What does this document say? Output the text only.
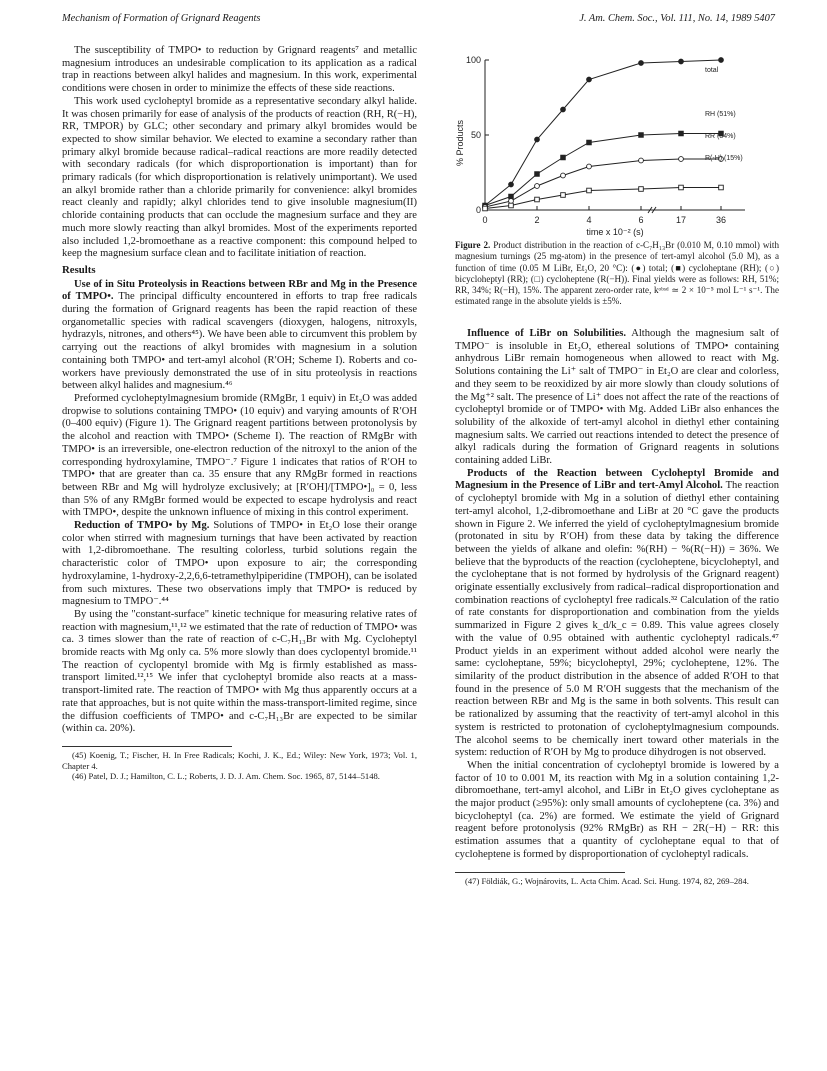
Mechanism of Formation of Grignard Reagents	J. Am. Chem. Soc., Vol. 111, No. 14, 1989 5407

The susceptibility of TMPO• to reduction by Grignard reagents⁷ and metallic magnesium introduces an undesirable complication to its application as a radical trap in reactions between alkyl halides and magnesium. In this work, experimental conditions were chosen in order to minimize the effects of these side reactions.

This work used cycloheptyl bromide as a representative secondary alkyl halide. It was chosen primarily for ease of analysis of the products of reaction (RH, R(−H), RR, TMPOR) by GLC; other secondary and primary alkyl bromides would be expected to show similar behavior. We elected to examine a secondary rather than primary alkyl bromide because radical–radical reactions are more readily detected with secondary radicals (for which disproportionation is important) than for primary radicals (for which disproportionation is relatively unimportant). We used an alkyl bromide rather than a chloride primarily for convenience: alkyl bromides react cleanly and rapidly; alkyl chlorides tend to give insoluble magnesium(II) chloride containing products that can occlude the magnesium surface and they are much more slowly reacting than alkyl bromides. Most of the experiments reported also included 1,2-bromoethane as a reactive component: this compound helped to keep the magnesium surface clean and to facilitate initiation of reaction.

Results

Use of in Situ Proteolysis in Reactions between RBr and Mg in the Presence of TMPO•. The principal difficulty encountered in efforts to trap free radicals during the formation of Grignard reagents has been the rapid reaction of these organometallic species with radical scavengers (dioxygen, halogens, nitroxyls, hydrazyls, nitrones, and others⁴⁵). We have been able to circumvent this problem by carrying out the reactions of alkyl bromides with magnesium in a solution containing both TMPO• and tert-amyl alcohol (R′OH; Scheme I). Roberts and co-workers have previously demonstrated the use of in situ proteolysis in reactions between alkyl halides and magnesium.⁴⁶

Preformed cycloheptylmagnesium bromide (RMgBr, 1 equiv) in Et₂O was added dropwise to solutions containing TMPO• (10 equiv) and varying amounts of R′OH (0–400 equiv) (Figure 1). The Grignard reagent partitions between protonolysis by the alcohol and reaction with TMPO• (Scheme I). The reaction of RMgBr with TMPO• is an irreversible, one-electron reduction of the nitroxyl to the anion of the corresponding hydroxylamine, TMPO⁻.⁷ Figure 1 indicates that ratios of R′OH to TMPO• that are greater than ca. 35 ensure that any RMgBr formed in reactions between RBr and Mg will hydrolyze exclusively; at [R′OH]/[TMPO•]₀ = 0, less than 5% of any RMgBr formed would be expected to escape hydrolysis and react with TMPO•, despite the unknown influence of mixing in this control experiment.

Reduction of TMPO• by Mg. Solutions of TMPO• in Et₂O lose their orange color when stirred with magnesium turnings that have been activated by reaction with 1,2-dibromoethane. The resulting colorless, turbid solutions regain the characteristic color of TMPO• upon exposure to air; the corresponding hydroxylamine, 1-hydroxy-2,2,6,6-tetramethylpiperidine (TMPOH), can be isolated from such mixtures. These two observations imply that TMPO• is reduced by magnesium to TMPO⁻.⁴⁴

By using the "constant-surface" kinetic technique for measuring relative rates of reaction with magnesium,¹¹,¹² we estimated that the rate of reduction of TMPO• was ca. 3 times slower than the rate of reaction of c-C₇H₁₃Br with Mg. Cycloheptyl bromide reacts with Mg only ca. 5% more slowly than does cyclopentyl bromide.¹¹ The reaction of cyclopentyl bromide with Mg is firmly established as mass-transport limited.¹²,¹⁵ We infer that cycloheptyl bromide also reacts at a mass-transport-limited rate. The reaction of TMPO• with Mg thus apparently occurs at a rate that approaches, but is not quite within the mass-transport-limited regime, since the diffusion coefficients of TMPO• and c-C₇H₁₃Br are expected to be similar (within ca. 20%).

(45) Koenig, T.; Fischer, H. In Free Radicals; Kochi, J. K., Ed.; Wiley: New York, 1973; Vol. 1, Chapter 4.

(46) Patel, D. J.; Hamilton, C. L.; Roberts, J. D. J. Am. Chem. Soc. 1965, 87, 5144–5148.

0
50
100
0	2	4	6	17	36
% Products
time x 10⁻² (s)
total
RH (51%)
RR (34%)
R(-H) (15%)
Figure 2. Product distribution in the reaction of c-C₇H₁₃Br (0.010 M, 0.10 mmol) with magnesium turnings (25 mg-atom) in the presence of tert-amyl alcohol (5.0 M), as a function of time (0.05 M LiBr, Et₂O, 20 °C): (●) total; (■) cycloheptane (RH); (○) bicycloheptyl (RR); (□) cycloheptene (R(−H)). Final yields were as follows: RH, 51%; RR, 34%; R(−H), 15%. The apparent zero-order rate, kᵒᵇˢᵈ ≃ 2 × 10⁻⁵ mol L⁻¹ s⁻¹. The estimated range in the absolute yields is ±5%.

Influence of LiBr on Solubilities. Although the magnesium salt of TMPO⁻ is insoluble in Et₂O, ethereal solutions of TMPO• containing anhydrous LiBr remain homogeneous when allowed to react with Mg. Solutions containing the Li⁺ salt of TMPO⁻ in Et₂O are clear and colorless, and they seem to be reoxidized by air more slowly than cloudy solutions of the Mg⁺² salt. The presence of Li⁺ does not affect the rate of the reactions of cycloheptyl bromide or of TMPO• with Mg. Added LiBr also enhances the solubility of the alkoxide of tert-amyl alcohol in diethyl ether containing magnesium salts. We carried out reactions intended to detect the presence of alkyl radicals during the formation of Grignard reagents in solutions containing added LiBr.

Products of the Reaction between Cycloheptyl Bromide and Magnesium in the Presence of LiBr and tert-Amyl Alcohol. The reaction of cycloheptyl bromide with Mg in a solution of diethyl ether containing tert-amyl alcohol, 1,2-dibromoethane and LiBr at 20 °C gave the products shown in Figure 2. We inferred the yield of cycloheptylmagnesium bromide (protonated in situ by R′OH) from these data by taking the difference between the yields of alkane and olefin: %(RH) − %(R(−H)) = 36%. We believe that the byproducts of the reaction (cycloheptene, bicycloheptyl, and the cycloheptane that is not formed by hydrolysis of the Grignard reagent) originate essentially exclusively from radical–radical disproportionation and combination reactions of cycloheptyl free radicals.³² Calculation of the ratio of rate constants for disproportionation and combination from the yields summarized in Figure 2 gives k_d/k_c = 0.89. This value agrees closely with the value of 0.95 obtained with authentic cycloheptyl radicals.⁴⁷ Product yields in an experiment without added alcohol were nearly the same: cycloheptane, 59%; bicycloheptyl, 29%; cycloheptene, 12%. The similarity of the product distribution in the absence of added R′OH to that found in the presence of 5.0 M R′OH suggests that the mechanism of the reaction between RBr and Mg is the same in both solvents. This result can be rationalized by assuming that the reactivity of tert-amyl alcohol in this system is restricted to protonation of cycloheptylmagnesium compounds. The alcohol seems to be chemically inert toward other materials in the system: reduction of R′OH by Mg to produce dihydrogen is not observed.

When the initial concentration of cycloheptyl bromide is lowered by a factor of 10 to 0.001 M, its reaction with Mg in a solution containing 1,2-dibromoethane, tert-amyl alcohol, and LiBr in Et₂O gives cycloheptane as the major product (≥95%): only small amounts of cycloheptene (ca. 3%) and bicycloheptyl (ca. 2%) are formed. We estimate the yield of Grignard reagent before protonolysis (92% RMgBr) as RH − 2R(−H) − RR: this estimation assumes that a quantity of cycloheptane equal to that of cycloheptene is formed by disproportionation of cycloheptyl radicals.

(47) Földiák, G.; Wojnárovits, L. Acta Chim. Acad. Sci. Hung. 1974, 82, 269–284.
